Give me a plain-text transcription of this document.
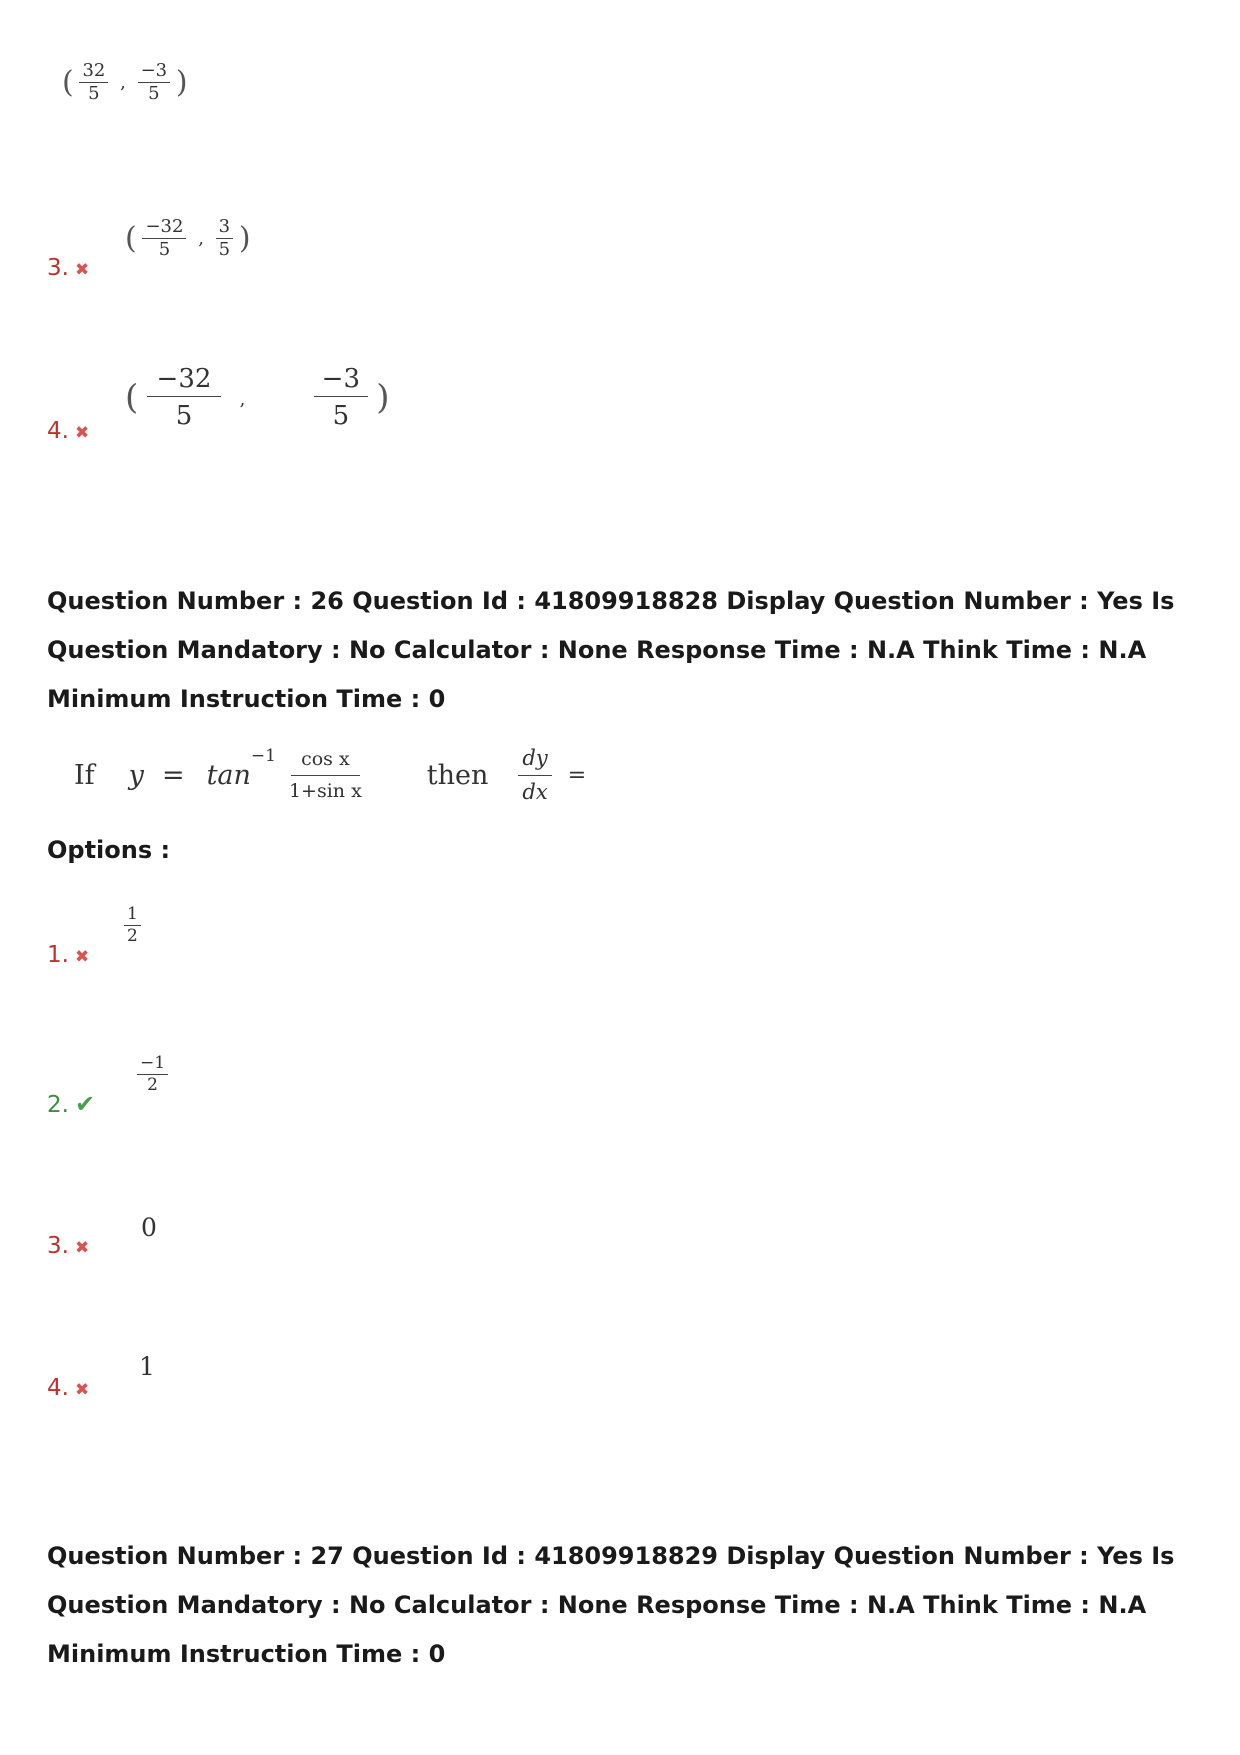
( $\frac{32}{5}$ , $\frac{-3}{5}$ )
3. ✖
( $\frac{-32}{5}$ , $\frac{3}{5}$ )
4. ✖
( $\frac{-32}{5}$ ,	$\frac{-3}{5}$ )
Question Number : 26 Question Id : 41809918828 Display Question Number : Yes Is Question Mandatory : No Calculator : None Response Time : N.A Think Time : N.A Minimum Instruction Time : 0
If y = tan
$^{-1} \frac{\text{cos x}}{\text{1+sin x}}$ then $\frac{dy}{dx}$ =
Options :
1. ✖
$\frac{1}{2}$
2. ✔
$\frac{-1}{2}$
3. ✖
0
4. ✖
1
Question Number : 27 Question Id : 41809918829 Display Question Number : Yes Is Question Mandatory : No Calculator : None Response Time : N.A Think Time : N.A Minimum Instruction Time : 0
